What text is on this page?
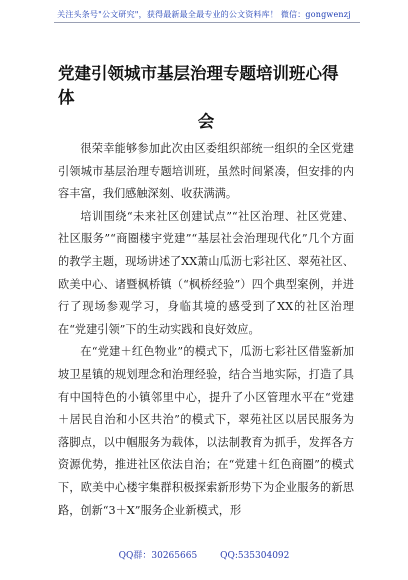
关注头条号"公文研究"，获得最新最全最专业的公文资料库！ 微信：gongwenzj
党建引领城市基层治理专题培训班心得体
会

很荣幸能够参加此次由区委组织部统一组织的全区党建引领城市基层治理专题培训班，虽然时间紧凑，但安排的内容丰富，我们感触深刻、收获满满。

培训围绕“未来社区创建试点”“社区治理、社区党建、社区服务”“商圈楼宇党建”“基层社会治理现代化”几个方面的教学主题，现场讲述了XX萧山瓜沥七彩社区、翠苑社区、欧美中心、诸暨枫桥镇（“枫桥经验”）四个典型案例，并进行了现场参观学习，身临其境的感受到了XX的社区治理在“党建引领”下的生动实践和良好效应。

在“党建＋红色物业”的模式下，瓜沥七彩社区借鉴新加坡卫星镇的规划理念和治理经验，结合当地实际，打造了具有中国特色的小镇邻里中心，提升了小区管理水平在“党建＋居民自治和小区共治”的模式下，翠苑社区以居民服务为落脚点，以中帼服务为载体，以法制教育为抓手，发挥各方资源优势，推进社区依法自治；在“党建＋红色商圈”的模式下，欧美中心楼宇集群积极探索新形势下为企业服务的新思路，创新“3＋X”服务企业新模式，形

QQ群：30265665	QQ:535304092
